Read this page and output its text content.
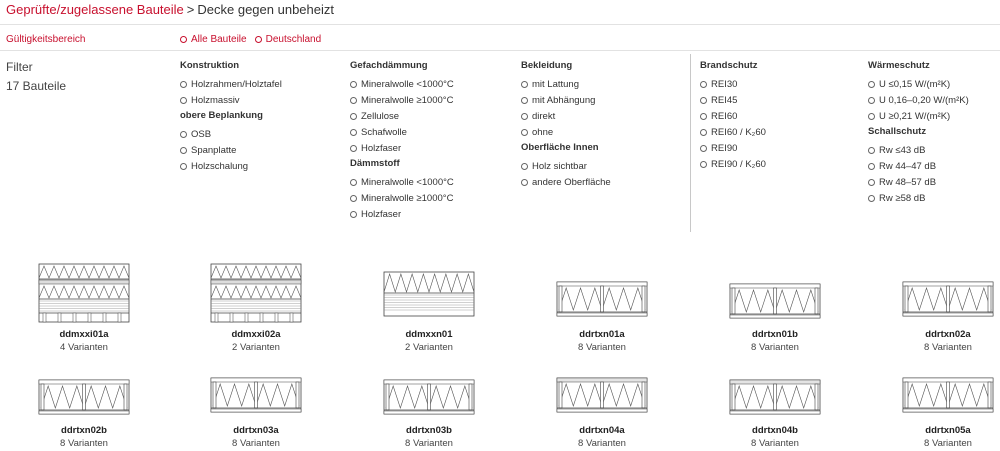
Geprüfte/zugelassene Bauteile > Decke gegen unbeheizt
Gültigkeitsbereich	Alle Bauteile Deutschland
Filter
17 Bauteile
Konstruktion
Holzrahmen/Holztafel
Holzmassiv
obere Beplankung
OSB
Spanplatte
Holzschalung
Gefachdämmung
Mineralwolle <1000°C
Mineralwolle ≥1000°C
Zellulose
Schafwolle
Holzfaser
Dämmstoff
Mineralwolle <1000°C
Mineralwolle ≥1000°C
Holzfaser
Bekleidung
mit Lattung
mit Abhängung
direkt
ohne
Oberfläche Innen
Holz sichtbar
andere Oberfläche
Brandschutz
REI30
REI45
REI60
REI60 / K₂60
REI90
REI90 / K₂60
Wärmeschutz
U ≤0,15 W/(m²K)
U 0,16–0,20 W/(m²K)
U ≥0,21 W/(m²K)
Schallschutz
Rw ≤43 dB
Rw 44–47 dB
Rw 48–57 dB
Rw ≥58 dB
ddmxxi01a
4 Varianten
ddmxxi02a
2 Varianten
ddmxxn01
2 Varianten
ddrtxn01a
8 Varianten
ddrtxn01b
8 Varianten
ddrtxn02a
8 Varianten
ddrtxn02b
8 Varianten
ddrtxn03a
8 Varianten
ddrtxn03b
8 Varianten
ddrtxn04a
8 Varianten
ddrtxn04b
8 Varianten
ddrtxn05a
8 Varianten
